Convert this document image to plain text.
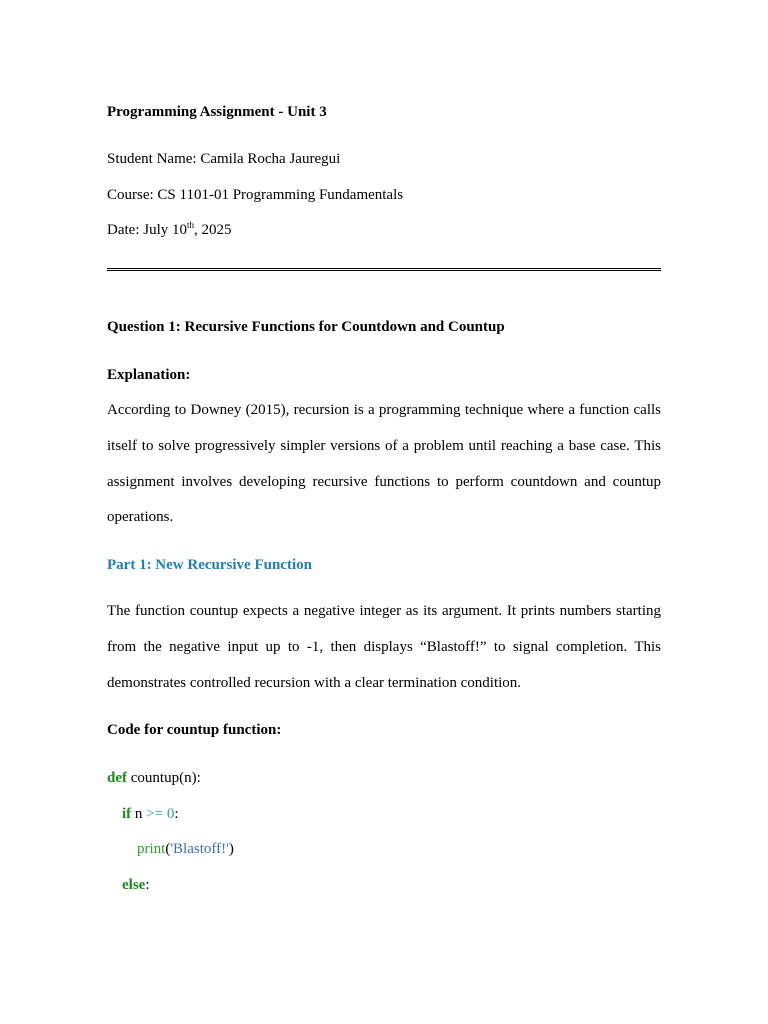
Programming Assignment - Unit 3
Student Name: Camila Rocha Jauregui
Course: CS 1101-01 Programming Fundamentals
Date: July 10th, 2025
Question 1: Recursive Functions for Countdown and Countup
Explanation:
According to Downey (2015), recursion is a programming technique where a function calls itself to solve progressively simpler versions of a problem until reaching a base case. This assignment involves developing recursive functions to perform countdown and countup operations.
Part 1: New Recursive Function
The function countup expects a negative integer as its argument. It prints numbers starting from the negative input up to -1, then displays “Blastoff!” to signal completion. This demonstrates controlled recursion with a clear termination condition.
Code for countup function:
def countup(n):
if n >= 0:
print('Blastoff!')
else:
